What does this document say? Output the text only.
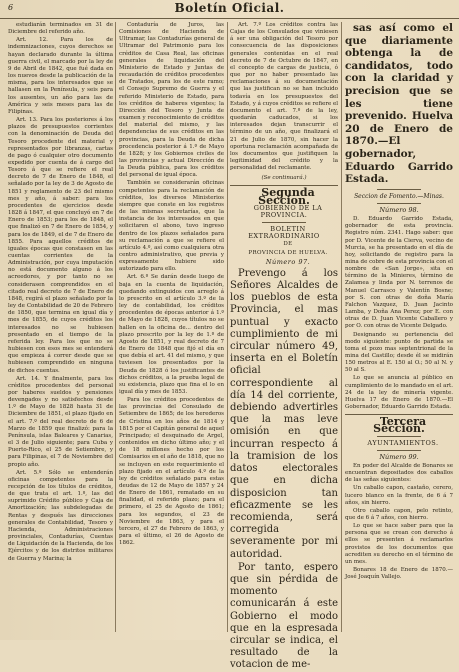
6	Boletín Oficial.

estudiarán terminados en 31 de Diciembre del referido año.

Art. 12. Para los de indemnizaciones, cuyos derechos se hayan declarado durante la última guerra civil, el marcado por la ley de 9 de Abril de 1842, que fué dada en los nuevos desde la publicación de la misma, para los interesados que se hallasen en la Península, y seis para los ausentes, un año para las de América y seis meses para las de Filipinas.

Art. 13. Para los posteriores á los plazos de presupuestos corrientes con la denominación de Deuda del Tesoro procedente del material y representados por libranzas, cartas de pago ó cualquier otro documento expedido por cuenta de á cargo del Tesoro á que se refiere el real decreto de 7 de Enero de 1848, el señalado por la ley de 3 de Agosto de 1851 y reglamento de 23 del mismo mes y año, á saber: para los procedentes de ejercicios desde 1828 á 1847, el que concluyó en 7 de Enero de 1853; para los de 1848, el que finalizó en 7 de Enero de 1854, y para los de 1849, el de 7 de Enero de 1855. Para aquellos créditos de iguales épocas que constasen en las cuentas corrientes de la Administración, por cuya imputación no está documento alguno á los acreedores, y por tanto no se considerasen comprendidos en el citado real decreto de 7 de Enero de 1848, regirá el plazo señalado por la ley de Contabilidad de 20 de Febrero de 1850, que termina en igual día y mes de 1855, de cuyos créditos los interesados no se hubiesen presentado en el tiempo de la referida ley. Para los que no se hubiesen con esos mes se entenderá que empieza á correr desde que se hubiesen comprendido en ninguna de dichos cuentas.

Art. 14. Y finalmente, para los créditos procedentes del personal por haberes sueldos y pensiones devengados y no satisfechos desde 1.º de Mayo de 1828 hasta 31 de Diciembre de 1851, el plazo fijado en el art. 7.º del real decreto de 6 de Marzo de 1859 que finalizó: para la Península, islas Baleares y Canarias, el 3 de Julio siguiente; para Cuba y Puerto-Rico, el 25 de Setiembre, y para Filipinas, el 7 de Noviembre del propio año.

Art. 5.º Sólo se entenderán oficinas competentes para la recepción de los títulos de créditos, de que trata el art. 1.º, las del suprimido Crédito público y Caja de Amortización; las subdelegadas de Rentas y después las direcciones generales de Contabilidad, Tesoro y Hacienda, Administraciones provinciales, Contadurías, Cuentas de Liquidación de la Hacienda, de los Ejércitos y de los distritos militares de Guerra y Marina; la

Contaduría de Juros, las Comisiones de Hacienda de Ultramar, las Contadurías general de Ultramar del Patrimonio para los créditos de Casa Real, las oficinas generales de liquidación del Ministerio de Estado y Juntas de recaudación de créditos procedentes de Tratados, para los de este ramo; el Consejo Supremo de Guerra y el referido Ministerio de Estado, para los créditos de haberes vigentes; la Dirección del Tesoro y Junta de examen y reconocimiento de créditos del material del mismo, y las dependencias de sus créditos en las provincias, para la Deuda de dicha procedencia posterior á 1.º de Mayo de 1828; y los Gobiernos civiles de las provincias y actual Dirección de la Deuda pública, para los créditos del personal de igual época.

También se considerarán oficinas competentes para la reclamación de créditos, los diversos Ministerios siempre que conste en los registros de las mismas secretarías, que la instancia de los interesados en que solicitaren el abono, tuvo ingreso dentro de los plazos señalados para su reclamación a que se refiere el artículo 4.º, así como cualquiera otra centro administrativo, que previa y expresamente hubiere sido autorizado para ello.

Art. 6.º Se darán desde luego de baja en la cuenta de liquidación, quedando extinguidos con arreglo á lo prescrito en el artículo 3.º de la ley de contabilidad, los créditos procedentes de épocas anterior á 1.º de Mayo de 1828, cuyos títulos no se hallen en la oficina de... dentro del plazo prescrito por la ley de 1.º de Agosto de 1851, y real decreto de 7 de Enero de 1848 que fijó el día en que debía el art. 41 del mismo, y que tuviesen los presentados por la Deuda de 1828 ó los justificantes de dichos créditos, a la prueba legal de su existencia, plazo que fina el lo en igual día y mes de 1853.

Para los créditos procedentes de las provincias del Consulado de Setiembre de 1865; de los herederos de Cristina en los años de 1814 y 1815 por el Capitán general de aquel Principado; el desquinado de Argel, contenidos en dicho último año; y el de 18 millones hecho por los Comisarios en el año de 1818, que no se incluyen en este requerimiento el plazo fijado en el artículo 4.º de la ley de créditos señalado para estas deudas de 12 de Mayo de 1857 y 24 de Enero de 1861, rematado en su finalidad, el referido plazo; para el primero, el 25 de Agosto de 1861; para los segundos, el 23 de Noviembre de 1863, y para el tercero, el 27 de Febrero de 1863, y para el último, el 26 de Agosto de 1862.

Art. 7.º Los créditos contra las Cajas de los Consulados que viniesen á ser una obligación del Tesoro por consecuencia de las disposiciones generales contenidas en el real decreto de 7 de Octubre de 1847, en el concepto de cargas de justicia, ó que por no haber presentado las reclamaciones á su documentación que las justifican no se han incluido todavía en los presupuestos del Estado, y á cuyos créditos se refiere el documento el art. 7.º de la ley, quedarán caducados, si los interesados dejan transcurrir el término de un año, que finalizará el 21 de Julio de 1870, sin hacer la oportuna reclamación acompañada de los documentos que justifiquen la legitimidad del crédito y la personalidad del reclamante.

(Se continuará.)

Segunda Seccion.

GOBIERNO DE LA PROVINCIA.

BOLETIN EXTRAORDINARIO

DE

PROVINCIA DE HUELVA.

Número 97.

Prevengo á los Señores Alcaldes de los pueblos de esta Provincia, el mas puntual y exacto cumplimiento de mi circular número 49, inserta en el Boletín oficial correspondiente al día 14 del corriente, debiendo advertirles que la mas leve omisión en que incurran respecto á la tramision de los datos electorales que en dicha disposicion tan eficazmente se les recomienda, será corregida severamente por mi autoridad.

Por tanto, espero que sin pérdida de momento comunicarán á este Gobierno el modo que en la espresada circular se indica, el resultado de la votacion de me-

sas así como el que diariamente obtenga la de candidatos, todo con la claridad y precision que se les tiene prevenido. Huelva 20 de Enero de 1870.—El gobernador, Eduardo Garrido Estada.

Seccion de Fomento.—Minas.

Número 98.

D. Eduardo Garrido Estada, gobernador de esta provincia. Registro núm. 2341. Hago saber: que por D. Vicente de la Cierva, vecino de Murcia, se ha presentado en el día de hoy, solicitando de registro para la mina de cobre de esta provincia con el nombre de «San Jorge», sita en término de la Minieres, término de Zalamea y linda por N. terrenos de Manuel Carrasco y Valentín Bosne; por S. con otras de doña María Falchon Vazquez, D. Juan Jacinto Lamba, y Doña Ana Perez; por E. con otras de D. Juan Vicente Caballero y por O. con otras de Vicente Delgado.

Designando su pertenencia del modo siguiente: punto de partida se toma el pozo mas septentrional de la mina del Castillo; desde él se midirán 150 metros al E. 150 al O.; 50 al N. y 50 al S.

Lo que se anuncia al público en cumplimiento de lo mandado en el art. 24 de la ley de minería vigente. Huelva 17 de Enero de 1870.—El Gobernador, Eduardo Garrido Estada.

Tercera Seccion.

AYUNTAMIENTOS.

Número 99.

En poder del Alcalde de Bonares se encuentran depositados dos caballos de las señas siguientes:

Un caballo capon, castaño, cerero, lucero blanco en la frente, de 6 á 7 años, sin hierro.

Otro caballo capon, pelo retinto, que de 6 á 7 años, con hierro.

Lo que se hace saber para que la persona que se crean con derecho á ellos se presenten á reclamarlos provistos de los documentos que acrediten su derecho en el término de un mes.

Bonares 18 de Enero de 1870.—José Joaquín Vallejo.
